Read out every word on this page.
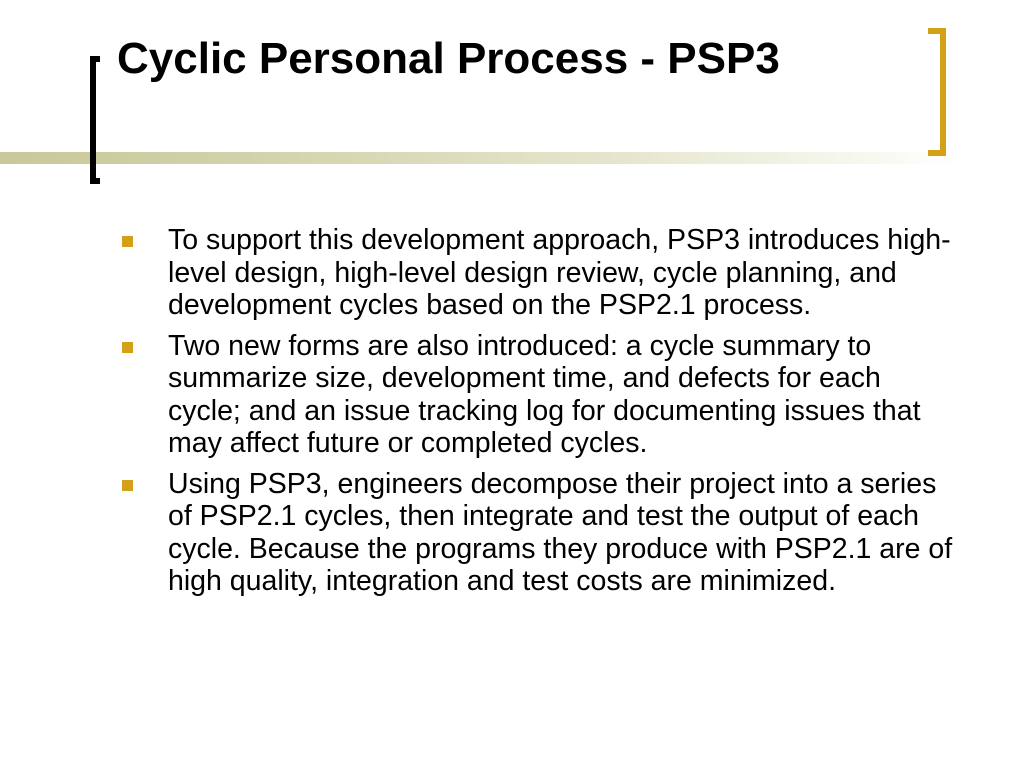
Cyclic Personal Process - PSP3
To support this development approach, PSP3 introduces high-level design, high-level design review, cycle planning, and development cycles based on the PSP2.1 process.
Two new forms are also introduced: a cycle summary to summarize size, development time, and defects for each cycle; and an issue tracking log for documenting issues that may affect future or completed cycles.
Using PSP3, engineers decompose their project into a series of PSP2.1 cycles, then integrate and test the output of each cycle. Because the programs they produce with PSP2.1 are of high quality, integration and test costs are minimized.
